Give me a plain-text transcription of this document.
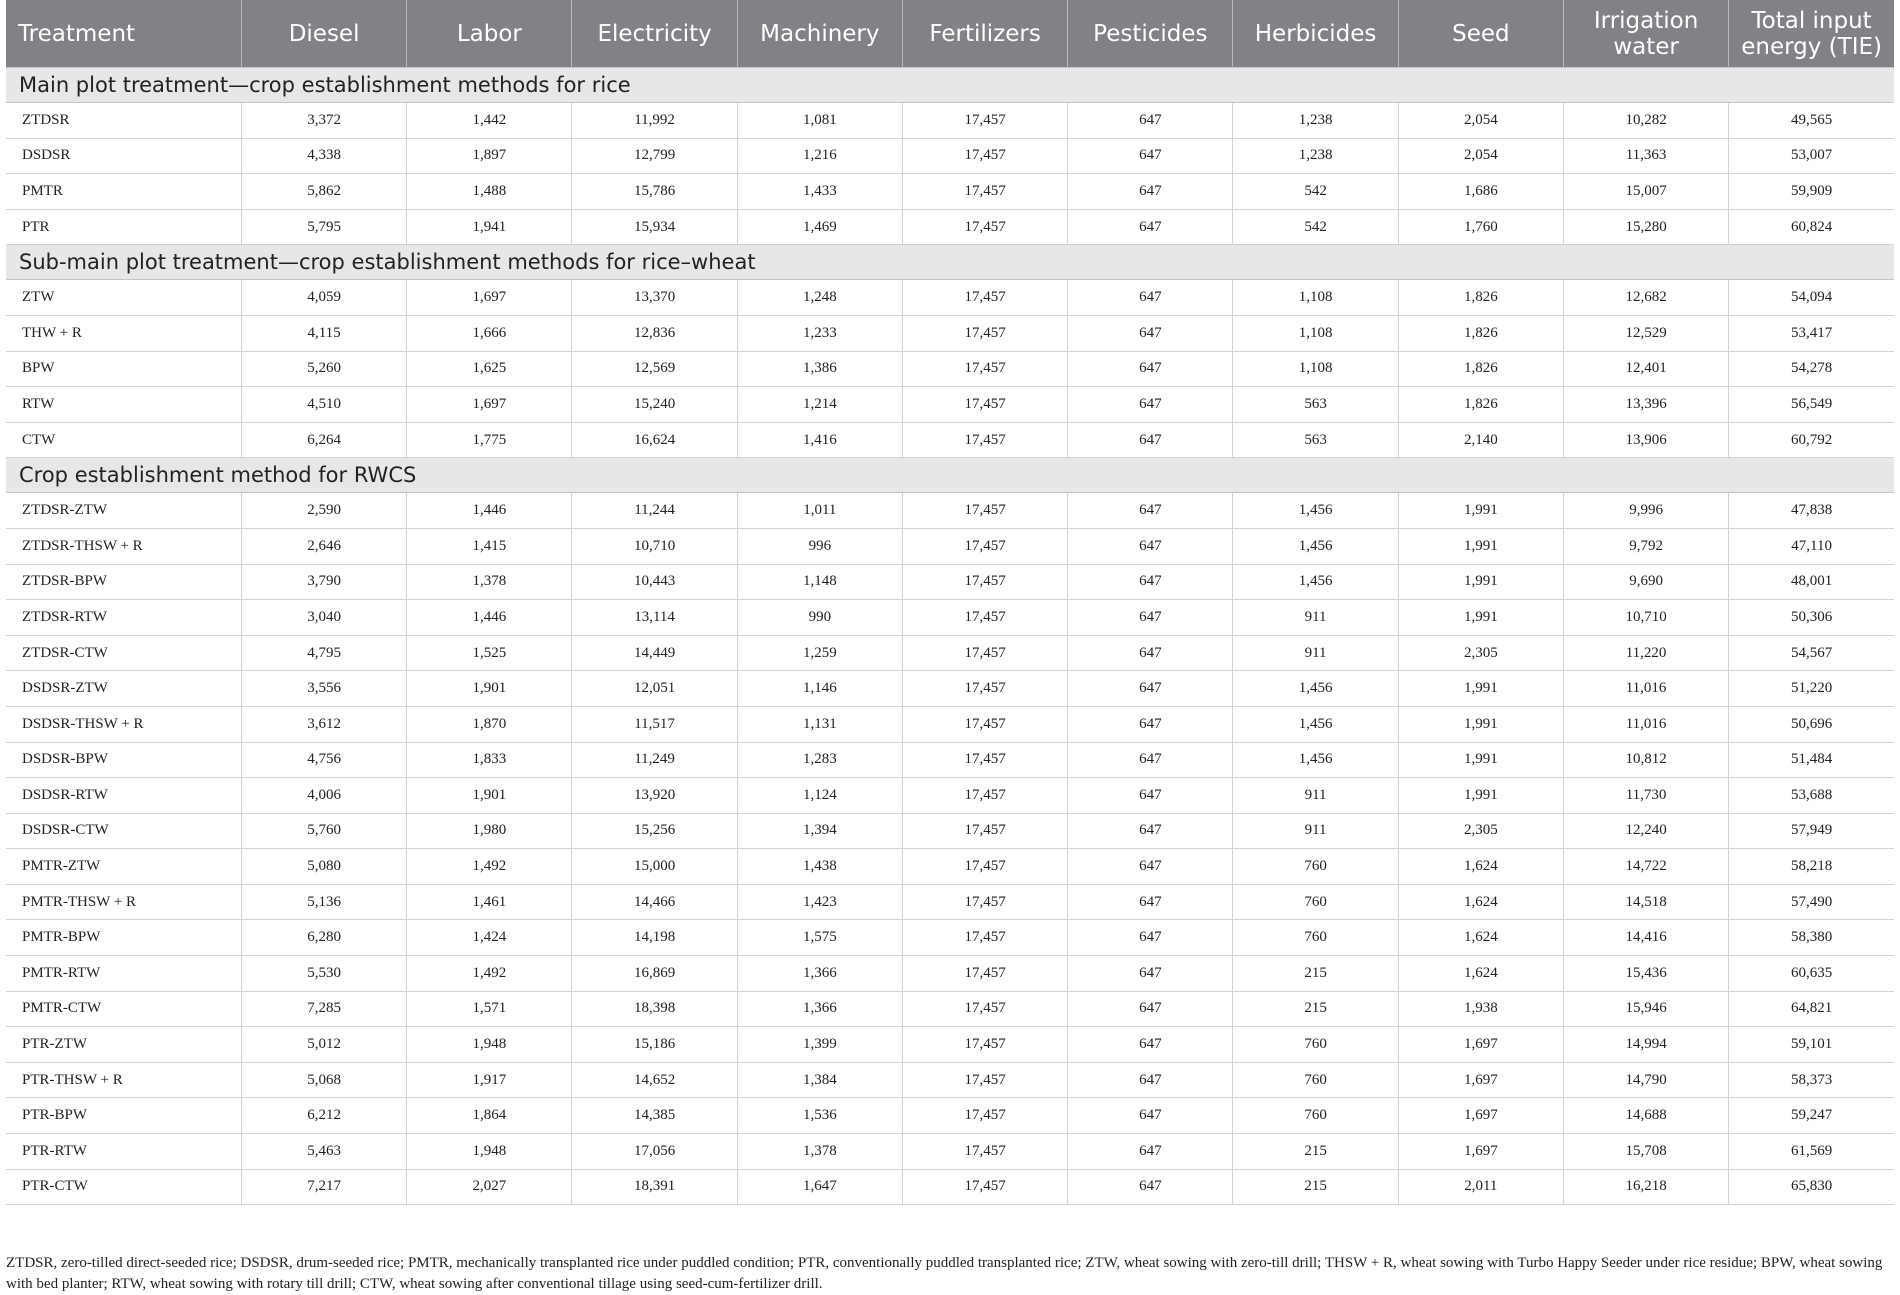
Treatment	Diesel	Labor	Electricity	Machinery	Fertilizers	Pesticides	Herbicides	Seed	Irrigation water	Total input energy (TIE)
Main plot treatment—crop establishment methods for rice										
ZTDSR	3,372	1,442	11,992	1,081	17,457	647	1,238	2,054	10,282	49,565
DSDSR	4,338	1,897	12,799	1,216	17,457	647	1,238	2,054	11,363	53,007
PMTR	5,862	1,488	15,786	1,433	17,457	647	542	1,686	15,007	59,909
PTR	5,795	1,941	15,934	1,469	17,457	647	542	1,760	15,280	60,824
Sub-main plot treatment—crop establishment methods for rice–wheat										
ZTW	4,059	1,697	13,370	1,248	17,457	647	1,108	1,826	12,682	54,094
THW + R	4,115	1,666	12,836	1,233	17,457	647	1,108	1,826	12,529	53,417
BPW	5,260	1,625	12,569	1,386	17,457	647	1,108	1,826	12,401	54,278
RTW	4,510	1,697	15,240	1,214	17,457	647	563	1,826	13,396	56,549
CTW	6,264	1,775	16,624	1,416	17,457	647	563	2,140	13,906	60,792
Crop establishment method for RWCS										
ZTDSR-ZTW	2,590	1,446	11,244	1,011	17,457	647	1,456	1,991	9,996	47,838
ZTDSR-THSW + R	2,646	1,415	10,710	996	17,457	647	1,456	1,991	9,792	47,110
ZTDSR-BPW	3,790	1,378	10,443	1,148	17,457	647	1,456	1,991	9,690	48,001
ZTDSR-RTW	3,040	1,446	13,114	990	17,457	647	911	1,991	10,710	50,306
ZTDSR-CTW	4,795	1,525	14,449	1,259	17,457	647	911	2,305	11,220	54,567
DSDSR-ZTW	3,556	1,901	12,051	1,146	17,457	647	1,456	1,991	11,016	51,220
DSDSR-THSW + R	3,612	1,870	11,517	1,131	17,457	647	1,456	1,991	11,016	50,696
DSDSR-BPW	4,756	1,833	11,249	1,283	17,457	647	1,456	1,991	10,812	51,484
DSDSR-RTW	4,006	1,901	13,920	1,124	17,457	647	911	1,991	11,730	53,688
DSDSR-CTW	5,760	1,980	15,256	1,394	17,457	647	911	2,305	12,240	57,949
PMTR-ZTW	5,080	1,492	15,000	1,438	17,457	647	760	1,624	14,722	58,218
PMTR-THSW + R	5,136	1,461	14,466	1,423	17,457	647	760	1,624	14,518	57,490
PMTR-BPW	6,280	1,424	14,198	1,575	17,457	647	760	1,624	14,416	58,380
PMTR-RTW	5,530	1,492	16,869	1,366	17,457	647	215	1,624	15,436	60,635
PMTR-CTW	7,285	1,571	18,398	1,366	17,457	647	215	1,938	15,946	64,821
PTR-ZTW	5,012	1,948	15,186	1,399	17,457	647	760	1,697	14,994	59,101
PTR-THSW + R	5,068	1,917	14,652	1,384	17,457	647	760	1,697	14,790	58,373
PTR-BPW	6,212	1,864	14,385	1,536	17,457	647	760	1,697	14,688	59,247
PTR-RTW	5,463	1,948	17,056	1,378	17,457	647	215	1,697	15,708	61,569
PTR-CTW	7,217	2,027	18,391	1,647	17,457	647	215	2,011	16,218	65,830

ZTDSR, zero-tilled direct-seeded rice; DSDSR, drum-seeded rice; PMTR, mechanically transplanted rice under puddled condition; PTR, conventionally puddled transplanted rice; ZTW, wheat sowing with zero-till drill; THSW + R, wheat sowing with Turbo Happy Seeder under rice residue; BPW, wheat sowing with bed planter; RTW, wheat sowing with rotary till drill; CTW, wheat sowing after conventional tillage using seed-cum-fertilizer drill.
